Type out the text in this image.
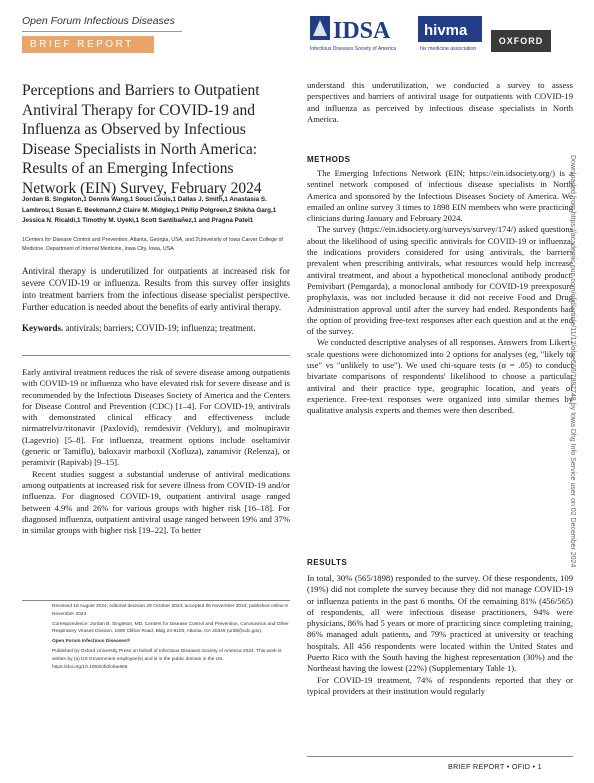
Open Forum Infectious Diseases
BRIEF REPORT
IDSA
Infectious Diseases Society of America
hivma
hiv medicine association
OXFORD
Perceptions and Barriers to Outpatient Antiviral Therapy for COVID-19 and Influenza as Observed by Infectious Disease Specialists in North America: Results of an Emerging Infections Network (EIN) Survey, February 2024
Jordan B. Singleton,1 Dennis Wang,1 Souci Louis,1 Dallas J. Smith,1 Anastasia S. Lambrou,1 Susan E. Beekmann,2 Claire M. Midgley,1 Philip Polgreen,2 Shikha Garg,1 Jessica N. Ricaldi,1 Timothy M. Uyeki,1 Scott Santibañez,1 and Pragna Patel1
1Centers for Disease Control and Prevention, Atlanta, Georgia, USA, and 2University of Iowa Carver College of Medicine, Department of Internal Medicine, Iowa City, Iowa, USA
Antiviral therapy is underutilized for outpatients at increased risk for severe COVID-19 or influenza. Results from this survey offer insights into treatment barriers from the infectious disease specialist perspective. Further education is needed about the benefits of early antiviral therapy.
Keywords. antivirals; barriers; COVID-19; influenza; treatment.

Early antiviral treatment reduces the risk of severe disease among outpatients with COVID-19 or influenza who have elevated risk for severe disease and is recommended by the Infectious Diseases Society of America and the Centers for Disease Control and Prevention (CDC) [1–4]. For COVID-19, antivirals with demonstrated clinical efficacy and effectiveness include nirmatrelvir/ritonavir (Paxlovid), remdesivir (Veklury), and molnupiravir (Lagevrio) [5–8]. For influenza, treatment options include oseltamivir (generic or Tamiflu), baloxavir marboxil (Xofluza), zanamivir (Relenza), or peramivir (Rapivab) [9–15].

Recent studies suggest a substantial underuse of antiviral medications among outpatients at increased risk for severe illness from COVID-19 and/or influenza. For diagnosed COVID-19, outpatient antiviral usage ranged between 4.9% and 26% for various groups with higher risk [16–18]. For diagnosed influenza, outpatient antiviral usage ranged between 19% and 37% in similar groups with higher risk [19–22]. To better

Received 16 August 2024; editorial decision 29 October 2024; accepted 06 November 2024; published online 8 November 2024

Correspondence: Jordan B. Singleton, MD, Centers for Disease Control and Prevention, Coronavirus and Other Respiratory Viruses Division, 1600 Clifton Road, Bldg 24-9103, Atlanta, GA 30349 (urd8@cdc.gov).

Open Forum Infectious Diseases®

Published by Oxford University Press on behalf of Infectious Diseases Society of America 2024. This work is written by (a) US Government employee(s) and is in the public domain in the US. https://doi.org/10.1093/ofid/ofae666

understand this underutilization, we conducted a survey to assess perspectives and barriers of antiviral usage for outpatients with COVID-19 and influenza as perceived by infectious disease specialists in North America.
METHODS

The Emerging Infections Network (EIN; https://ein.idsociety.org/) is a sentinel network composed of infectious disease specialists in North America and sponsored by the Infectious Diseases Society of America. We emailed an online survey 3 times to 1898 EIN members who were practicing clinicians during January and February 2024.

The survey (https://ein.idsociety.org/surveys/survey/174/) asked questions about the likelihood of using specific antivirals for COVID-19 or influenza, the indications providers considered for using antivirals, the barriers prevalent when prescribing antivirals, what resources would help increase antiviral treatment, and about a hypothetical monoclonal antibody product. Pemivibart (Pemgarda), a monoclonal antibody for COVID-19 preexposure prophylaxis, was not included because it did not receive Food and Drug Administration approval until after the survey had ended. Respondents had the option of providing free-text responses after each question and at the end of the survey.

We conducted descriptive analyses of all responses. Answers from Likert-scale questions were dichotomized into 2 options for analyses (eg, "likely to use" vs "unlikely to use"). We used chi-square tests (α = .05) to conduct bivariate comparisons of respondents' likelihood to choose a particular antiviral and their practice type, geographic location, and years of experience. Free-text responses were organized into similar themes by qualitative analysis experts and themes were then described.

RESULTS

In total, 30% (565/1898) responded to the survey. Of these respondents, 109 (19%) did not complete the survey because they did not manage COVID-19 or influenza patients in the past 6 months. Of the remaining 81% (456/565) of respondents, all were infectious disease practitioners, 94% were physicians, 86% had 5 years or more of practicing since completing training, 86% managed adult patients, and 79% practiced at university or teaching hospitals. All 456 respondents were located within the United States and Puerto Rico with the South having the highest representation (30%) and the Northeast having the lowest (22%) (Supplementary Table 1).

For COVID-19 treatment, 74% of respondents reported that they or typical providers at their institution would regularly

Downloaded from https://academic.oup.com/ofid/article/11/12/ofae666/7887748 by Iowa Dhg Info Service user on 02 December 2024
BRIEF REPORT • OFID • 1
